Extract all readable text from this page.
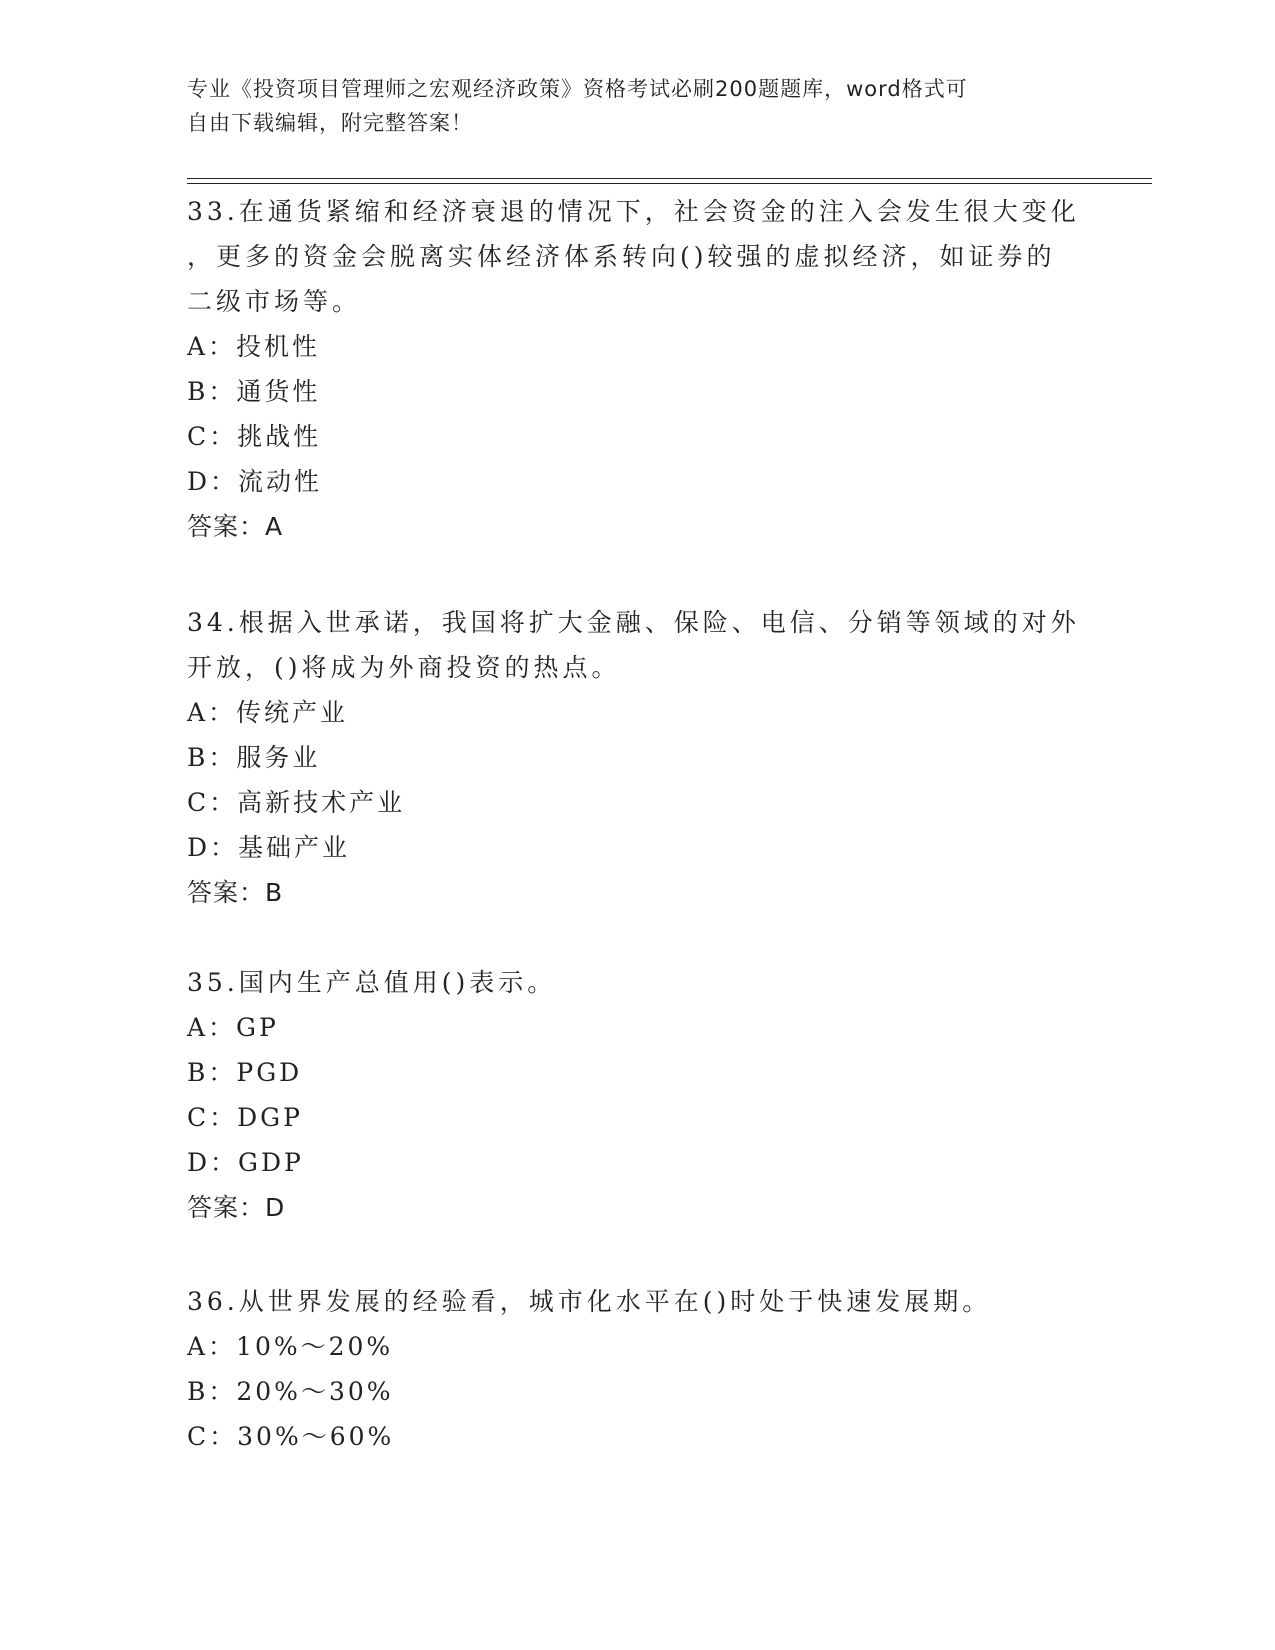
专业《投资项目管理师之宏观经济政策》资格考试必刷200题题库，word格式可
自由下载编辑，附完整答案！

33.在通货紧缩和经济衰退的情况下，社会资金的注入会发生很大变化

，更多的资金会脱离实体经济体系转向()较强的虚拟经济，如证券的

二级市场等。

A：投机性

B：通货性

C：挑战性

D：流动性

答案：A

34.根据入世承诺，我国将扩大金融、保险、电信、分销等领域的对外

开放，()将成为外商投资的热点。

A：传统产业

B：服务业

C：高新技术产业

D：基础产业

答案：B

35.国内生产总值用()表示。

A：GP

B：PGD

C：DGP

D：GDP

答案：D

36.从世界发展的经验看，城市化水平在()时处于快速发展期。

A：10%～20%

B：20%～30%

C：30%～60%
